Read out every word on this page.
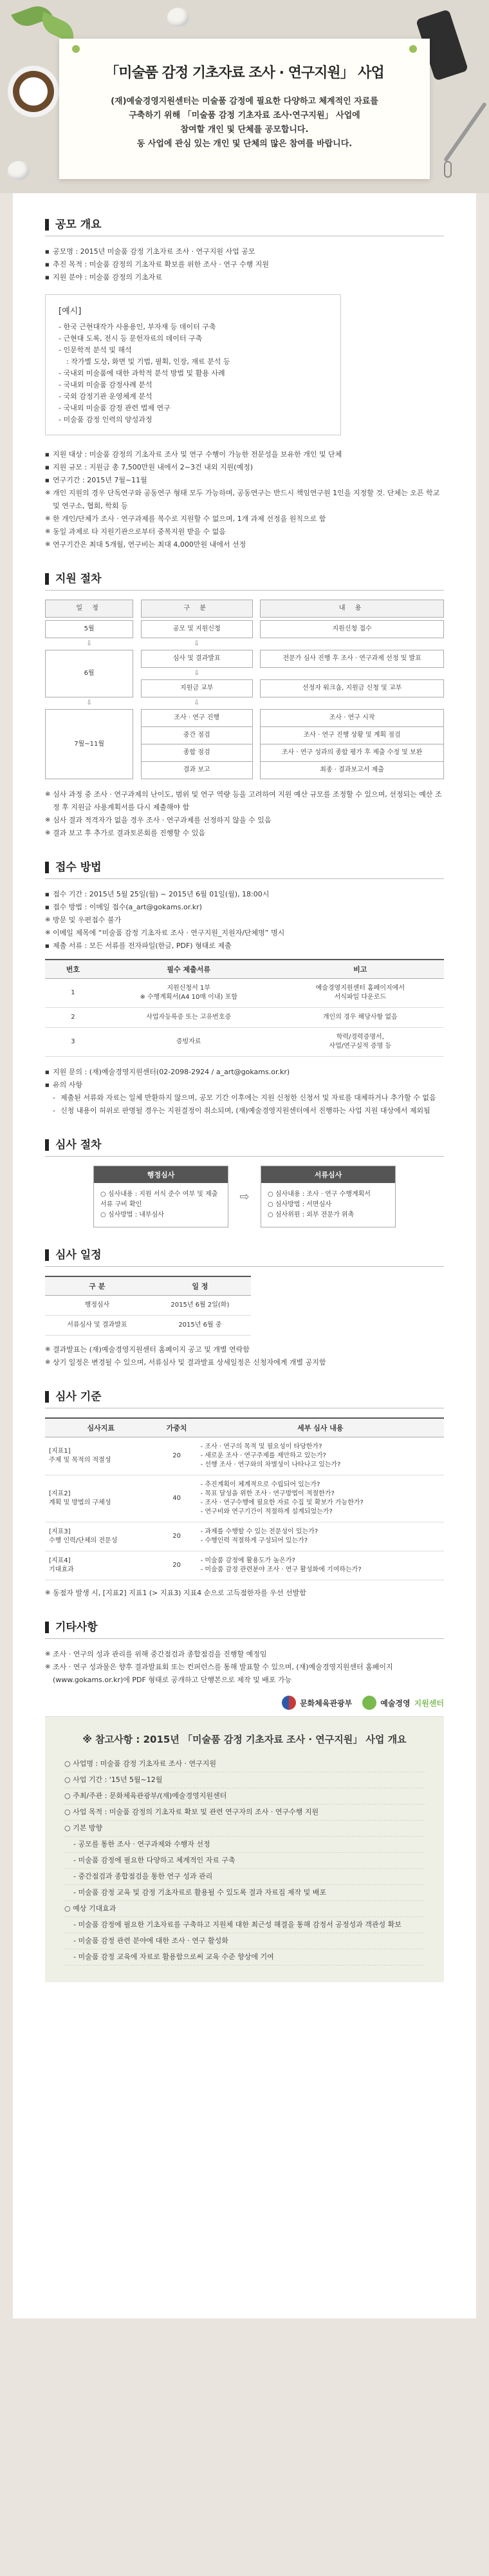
「미술품 감정 기초자료 조사 · 연구지원」 사업
(재)예술경영지원센터는 미술품 감정에 필요한 다양하고 체계적인 자료를
구축하기 위해 「미술품 감정 기초자료 조사·연구지원」 사업에
참여할 개인 및 단체를 공모합니다.
동 사업에 관심 있는 개인 및 단체의 많은 참여를 바랍니다.
공모 개요
■ 공모명 : 2015년 미술품 감정 기초자료 조사 · 연구지원 사업 공모
■ 추진 목적 : 미술품 감정의 기초자료 확보를 위한 조사 · 연구 수행 지원
■ 지원 분야 : 미술품 감정의 기초자료
[예시]
- 한국 근현대작가 사용용인, 부자재 등 데이터 구축
- 근현대 도록, 전시 등 문헌자료의 데이터 구축
- 인문학적 분석 및 해석
: 작가별 도상, 화면 및 기법, 필획, 인장, 재료 분석 등
- 국내외 미술품에 대한 과학적 분석 방법 및 활용 사례
- 국내외 미술품 감정사례 분석
- 국외 감정기관 운영체계 분석
- 국내외 미술품 감정 관련 법제 연구
- 미술품 감정 인력의 양성과정
■ 지원 대상 : 미술품 감정의 기초자료 조사 및 연구 수행이 가능한 전문성을 보유한 개인 및 단체
■ 지원 규모 : 지원금 총 7,500만원 내에서 2~3건 내외 지원(예정)
■ 연구기간 : 2015년 7월~11월
※ 개인 지원의 경우 단독연구와 공동연구 형태 모두 가능하며, 공동연구는 반드시 책임연구원 1인을 지정할 것. 단체는 오픈 학교 및 연구소, 협회, 학회 등
※ 한 개인/단체가 조사 · 연구과제를 복수로 지원할 수 없으며, 1개 과제 선정을 원칙으로 함
※ 동일 과제로 타 지원기관으로부터 중복지원 받을 수 없음
※ 연구기간은 최대 5개월, 연구비는 최대 4,000만원 내에서 선정
지원 절차
일 정		구 분		내 용

5월		공모 및 지원신청		지원신청 접수
⇩		⇩		
6월		심사 및 결과발표		전문가 심사 진행 후 조사 · 연구과제 선정 및 발표
		⇩		
		지원금 교부		선정자 워크숍, 지원금 신청 및 교부
⇩		⇩		
7월~11월		조사 · 연구 진행		조사 · 연구 시작
		중간 점검		조사 · 연구 진행 상황 및 계획 점검
		종합 점검		조사 · 연구 성과의 종합 평가 후 제출 수정 및 보완
		결과 보고		최종 · 결과보고서 제출
※ 심사 과정 중 조사 · 연구과제의 난이도, 범위 및 연구 역량 등을 고려하여 지원 예산 규모를 조정할 수 있으며, 선정되는 예산 조정 후 지원금 사용계획서를 다시 제출해야 함
※ 심사 결과 적격자가 없을 경우 조사 · 연구과제를 선정하지 않을 수 있음
※ 결과 보고 후 추가로 결과토론회를 진행할 수 있음
접수 방법
■ 접수 기간 : 2015년 5월 25일(월) ~ 2015년 6월 01일(월), 18:00시
■ 접수 방법 : 이메일 접수(a_art@gokams.or.kr)
※ 방문 및 우편접수 불가
※ 이메일 제목에 “미술품 감정 기초자료 조사 · 연구지원_지원자/단체명” 명시
■ 제출 서류 : 모든 서류를 전자파일(한글, PDF) 형태로 제출
번호	필수 제출서류	비고
1	지원신청서 1부
※ 수행계획서(A4 10매 이내) 포함	예술경영지원센터 홈페이지에서
서식파일 다운로드
2	사업자등록증 또는 고유번호증	개인의 경우 해당사항 없음
3	증빙자료	학력/경력증명서,
사업/연구실적 증명 등
■ 지원 문의 : (재)예술경영지원센터(02-2098-2924 / a_art@gokams.or.kr)
■ 유의 사항
- 제출된 서류와 자료는 일체 반환하지 않으며, 공모 기간 이후에는 지원 신청한 신청서 및 자료를 대체하거나 추가할 수 없음
- 신청 내용이 허위로 판명될 경우는 지원결정이 취소되며, (재)예술경영지원센터에서 진행하는 사업 지원 대상에서 제외됨
심사 절차
행정심사
○ 심사내용 : 지원 서식 준수 여부 및 제출 서류 구비 확인
○ 심사방법 : 내부심사
⇨
서류심사
○ 심사내용 : 조사 · 연구 수행계획서
○ 심사방법 : 서면심사
○ 심사위원 : 외부 전문가 위촉
심사 일정
구 분	일 정
행정심사	2015년 6월 2일(화)
서류심사 및 결과발표	2015년 6월 중
※ 결과발표는 (재)예술경영지원센터 홈페이지 공고 및 개별 연락함
※ 상기 일정은 변경될 수 있으며, 서류심사 및 결과발표 상세일정은 신청자에게 개별 공지함
심사 기준
심사지표	가중치	세부 심사 내용
[지표1]
주제 및 목적의 적절성	20	- 조사 · 연구의 목적 및 필요성이 타당한가?
- 새로운 조사 · 연구주제를 제안하고 있는가?
- 선행 조사 · 연구와의 차별성이 나타나고 있는가?
[지표2]
계획 및 방법의 구체성	40	- 추진계획이 체계적으로 수립되어 있는가?
- 목표 달성을 위한 조사 · 연구방법이 적절한가?
- 조사 · 연구수행에 필요한 자료 수집 및 확보가 가능한가?
- 연구비와 연구기간이 적절하게 설계되었는가?
[지표3]
수행 인력/단체의 전문성	20	- 과제를 수행할 수 있는 전문성이 있는가?
- 수행인력 적절하게 구성되어 있는가?
[지표4]
기대효과	20	- 미술품 감정에 활용도가 높은가?
- 미술품 감정 관련분야 조사 · 연구 활성화에 기여하는가?
※ 동점자 발생 시, [지표2] 지표1 (> 지표3) 지표4 순으로 고득점한자를 우선 선발함
기타사항
※ 조사 · 연구의 성과 관리를 위해 중간점검과 종합점검을 진행할 예정임
※ 조사 · 연구 성과물은 향후 결과발표회 또는 컨퍼런스를 통해 발표할 수 있으며, (재)예술경영지원센터 홈페이지(www.gokams.or.kr)에 PDF 형태로 공개하고 단행본으로 제작 및 배포 가능
문화체육관광부	예술경영 지원센터
※ 참고사항 : 2015년 「미술품 감정 기초자료 조사 · 연구지원」 사업 개요
○ 사업명 : 미술품 감정 기초자료 조사 · 연구지원
○ 사업 기간 : '15년 5월~12월
○ 주최/주관 : 문화체육관광부/(재)예술경영지원센터
○ 사업 목적 : 미술품 감정의 기초자료 확보 및 관련 연구자의 조사 · 연구수행 지원
○ 기본 방향
- 공모를 통한 조사 · 연구과제와 수행자 선정
- 미술품 감정에 필요한 다양하고 체계적인 자료 구축
- 중간점검과 종합점검을 통한 연구 성과 관리
- 미술품 감정 교육 및 감정 기초자료로 활용될 수 있도록 결과 자료집 제작 및 배포
○ 예상 기대효과
- 미술품 감정에 필요한 기초자료를 구축하고 지원체 대한 최근성 해결을 통해 감정서 공정성과 객관성 확보
- 미술품 감정 관련 분야에 대한 조사 · 연구 활성화
- 미술품 감정 교육에 자료로 활용함으로써 교육 수준 향상에 기여
